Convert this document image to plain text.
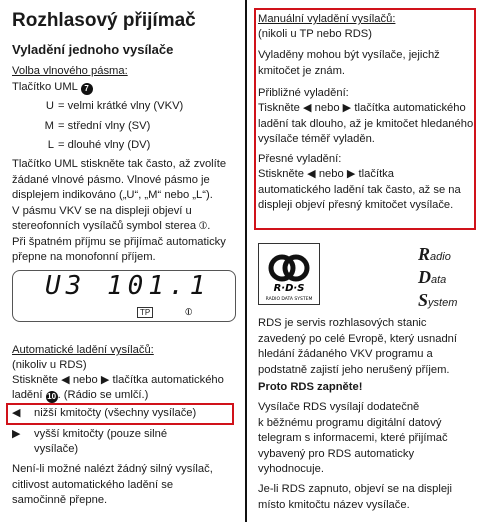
Rozhlasový přijímač
Vyladění jednoho vysílače

Volba vlnového pásma:

Tlačítko UML 7

U = velmi krátké vlny (VKV)
M = střední vlny (SV)
L = dlouhé vlny (DV)

Tlačítko UML stiskněte tak často, až zvolíte

žádané vlnové pásmo. Vlnové pásmo je

displejem indikováno („U“, „M“ nebo „L“).

V pásmu VKV se na displeji objeví u

stereofonních vysílačů symbol sterea ⦶.

Při špatném příjmu se přijímač automaticky

přepne na monofonní příjem.

U3 101.1
TP	⦶

Automatické ladění vysílačů:

(nikoliv u RDS)

Stiskněte ◀ nebo ▶ tlačítka automatického

ladění 10 . (Rádio se umlčí.)

◀	nižší kmitočty (všechny vysílače)
▶	vyšší kmitočty (pouze silné
vysílače)

Není-li možné nalézt žádný silný vysílač,

citlivost automatického ladění se

samočinně přepne.

Manuální vyladění vysílačů:

(nikoli u TP nebo RDS)

Vyladěny mohou být vysílače, jejichž

kmitočet je znám.

Přibližné vyladění:

Tiskněte ◀ nebo ▶ tlačítka automatického

ladění tak dlouho, až je kmitočet hledaného

vysílače téměř vyladěn.

Přesné vyladění:

Stiskněte ◀ nebo ▶ tlačítka

automatického ladění tak často, až se na

displeji objeví přesný kmitočet vysílače.

R·D·S
RADIO DATA SYSTEM
Radio
Data
System

RDS je servis rozhlasových stanic

zavedený po celé Evropě, který usnadní

hledání žádaného VKV programu a

podstatně zajistí jeho nerušený příjem.

Proto RDS zapněte!

Vysílače RDS vysílají dodatečně

k běžnému programu digitální datový

telegram s informacemi, které přijímač

vybavený pro RDS automaticky

vyhodnocuje.

Je-li RDS zapnuto, objeví se na displeji

místo kmitočtu název vysílače.
